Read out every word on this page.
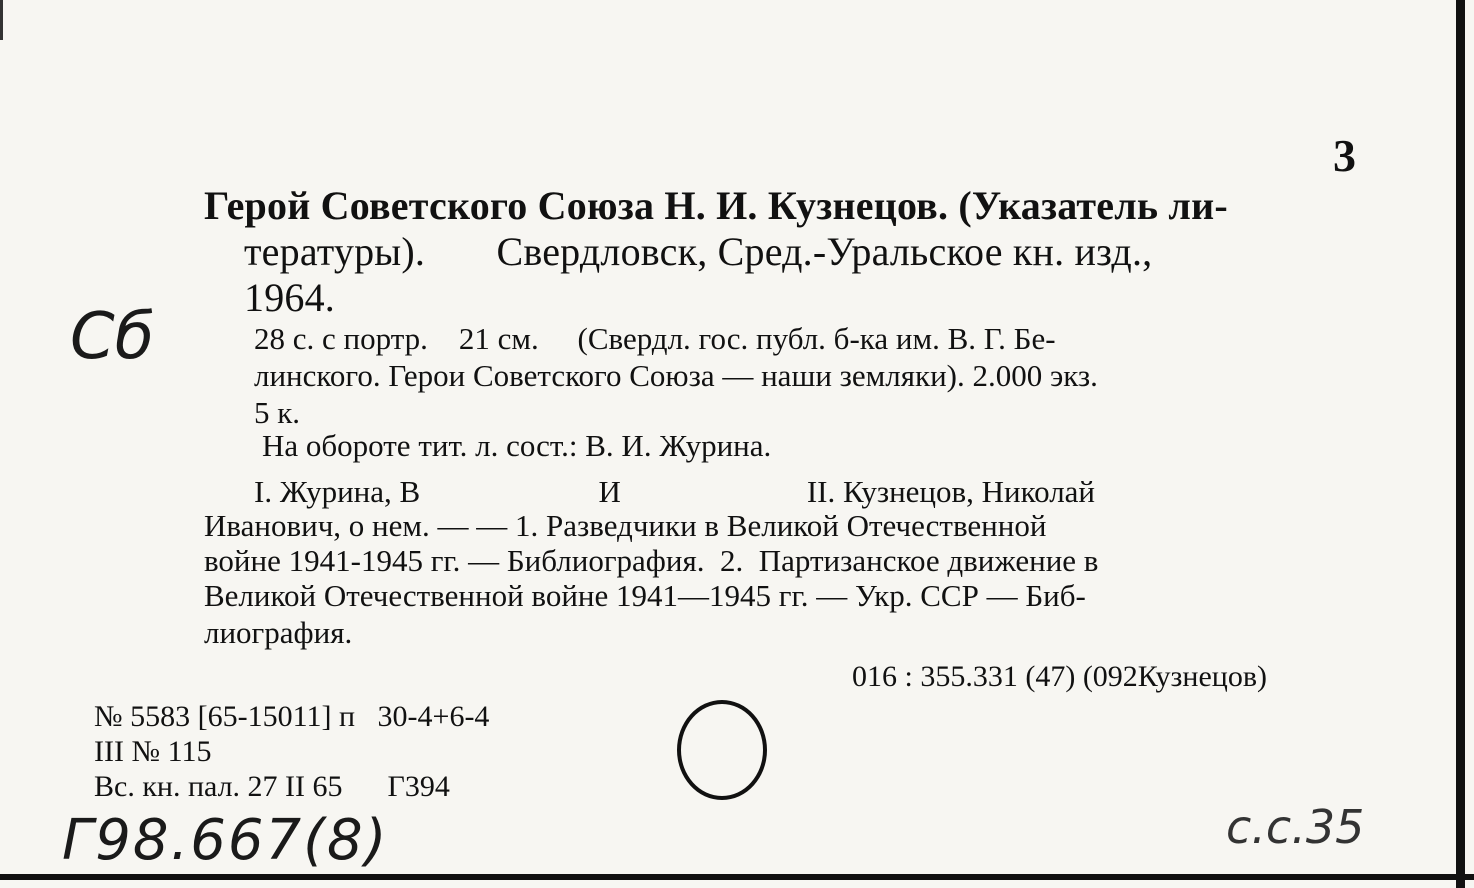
3
Герой Советского Союза Н. И. Кузнецов. (Указатель ли-
тературы).       Свердловск, Сред.-Уральское кн. изд.,
1964.
28 с. с портр.    21 см.     (Свердл. гос. публ. б-ка им. В. Г. Бе-
линского. Герои Советского Союза — наши земляки). 2.000 экз.
5 к.
На обороте тит. л. сост.: В. И. Журина.
I. Журина, В                       И                        II. Кузнецов, Николай
Иванович, о нем. — — 1. Разведчики в Великой Отечественной
войне 1941-1945 гг. — Библиография.  2.  Партизанское движение в
Великой Отечественной войне 1941—1945 гг. — Укр. ССР — Биб-
лиография.
016 : 355.331 (47) (092Кузнецов)
№ 5583 [65-15011] п   30-4+6-4
III № 115
Вс. кн. пал. 27 II 65      Г394
Сб
Г98.667(8)	с.с.35
